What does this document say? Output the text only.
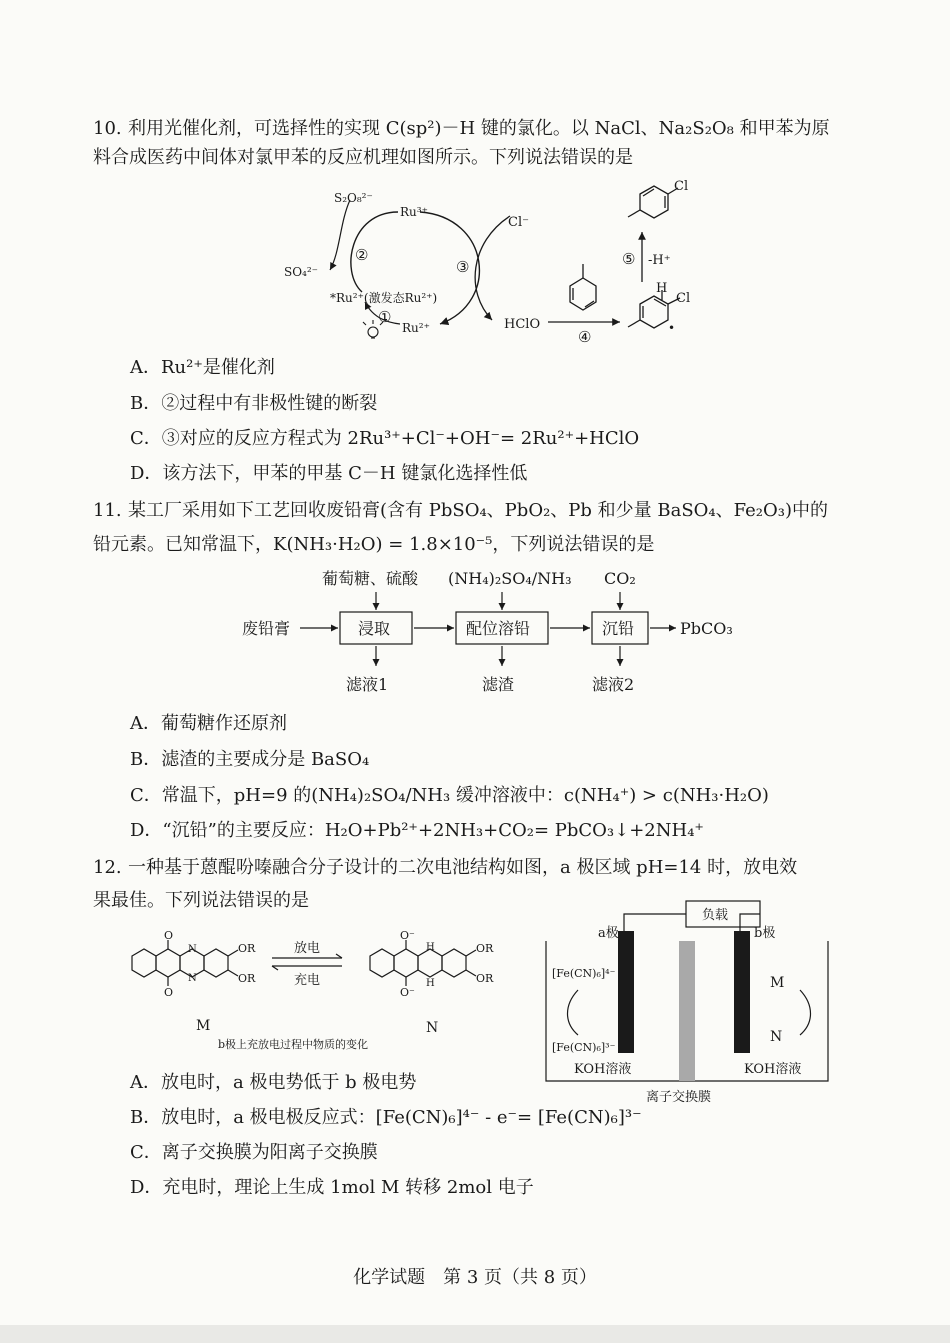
10. 利用光催化剂，可选择性的实现 C(sp²)－H 键的氯化。以 NaCl、Na₂S₂O₈ 和甲苯为原
料合成医药中间体对氯甲苯的反应机理如图所示。下列说法错误的是
S₂O₈²⁻
SO₄²⁻
Ru³⁺
*Ru²⁺(激发态Ru²⁺)
Ru²⁺
②
③
①
Cl⁻
HClO
④
⑤ -H⁺
Cl
H
Cl
•
A．Ru²⁺是催化剂
B．②过程中有非极性键的断裂
C．③对应的反应方程式为 2Ru³⁺+Cl⁻+OH⁻= 2Ru²⁺+HClO
D．该方法下，甲苯的甲基 C－H 键氯化选择性低
11. 某工厂采用如下工艺回收废铅膏(含有 PbSO₄、PbO₂、Pb 和少量 BaSO₄、Fe₂O₃)中的
铅元素。已知常温下，K(NH₃·H₂O) = 1.8×10⁻⁵，下列说法错误的是
葡萄糖、硫酸 (NH₄)₂SO₄/NH₃ CO₂
废铅膏	浸取	配位溶铅	沉铅	PbCO₃
滤液1	滤渣	滤液2
A．葡萄糖作还原剂
B．滤渣的主要成分是 BaSO₄
C．常温下，pH=9 的(NH₄)₂SO₄/NH₃ 缓冲溶液中：c(NH₄⁺) > c(NH₃·H₂O)
D．“沉铅”的主要反应：H₂O+Pb²⁺+2NH₃+CO₂= PbCO₃↓+2NH₄⁺
12. 一种基于蒽醌吩嗪融合分子设计的二次电池结构如图，a 极区域 pH=14 时，放电效
果最佳。下列说法错误的是
O
O
N
N
OR
OR
放电
充电
O⁻
O⁻
H
H
OR
OR
M	N
b极上充放电过程中物质的变化
负载
a极	b极
[Fe(CN)₆]⁴⁻
[Fe(CN)₆]³⁻
M
N
KOH溶液	KOH溶液
离子交换膜
A．放电时，a 极电势低于 b 极电势
B．放电时，a 极电极反应式：[Fe(CN)₆]⁴⁻ - e⁻= [Fe(CN)₆]³⁻
C．离子交换膜为阳离子交换膜
D．充电时，理论上生成 1mol M 转移 2mol 电子
化学试题　第 3 页（共 8 页）
